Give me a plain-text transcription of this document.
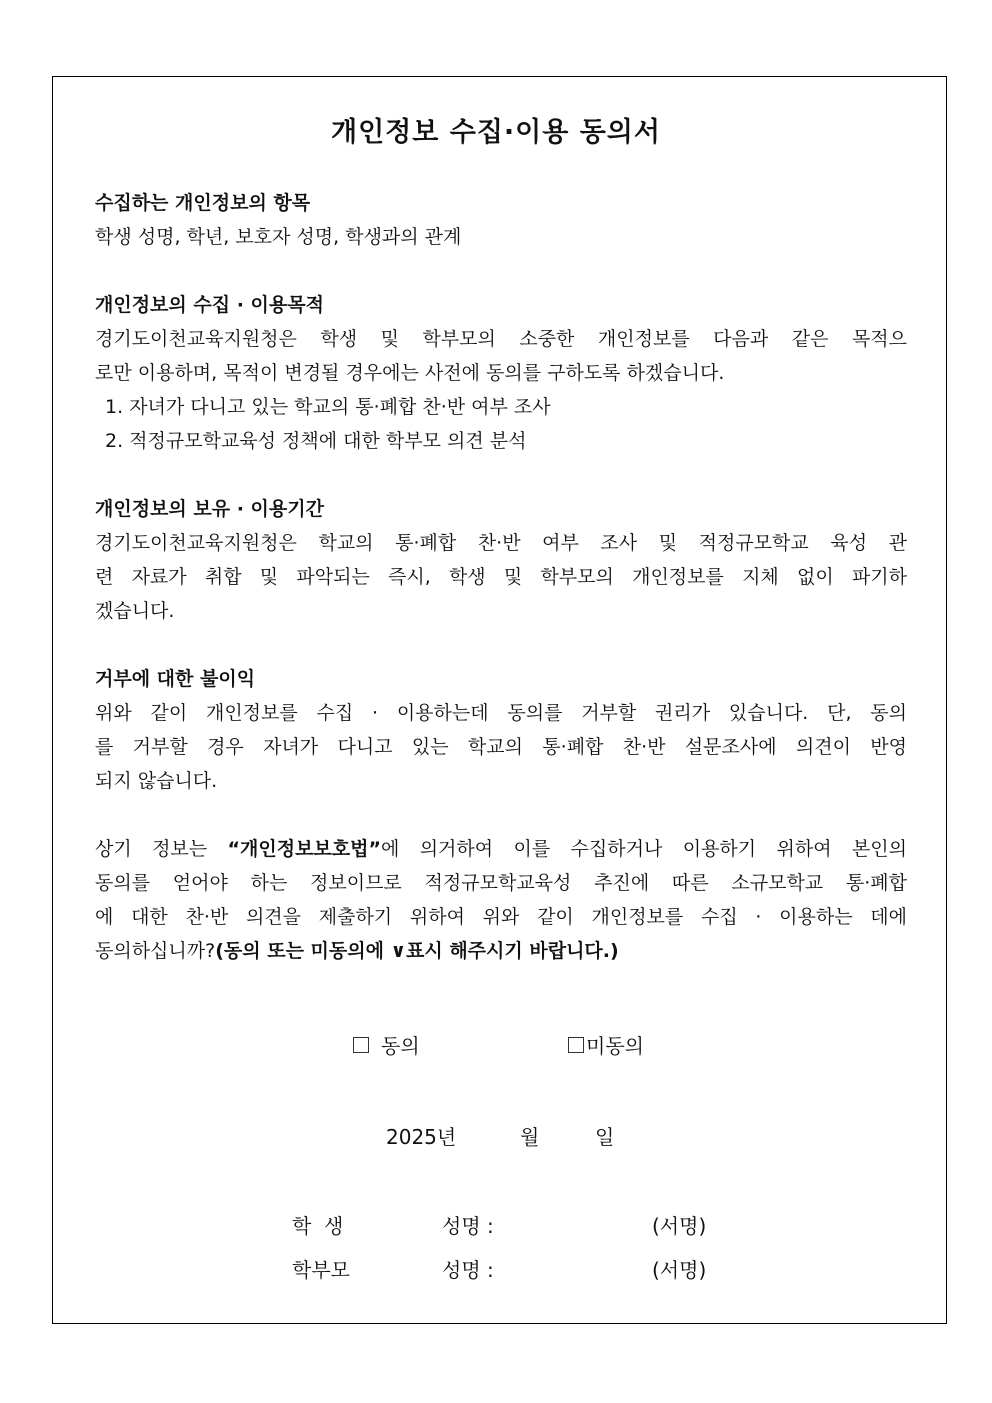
개인정보 수집·이용 동의서

수집하는 개인정보의 항목

학생 성명, 학년, 보호자 성명, 학생과의 관계

개인정보의 수집 · 이용목적

경기도이천교육지원청은 학생 및 학부모의 소중한 개인정보를 다음과 같은 목적으

로만 이용하며, 목적이 변경될 경우에는 사전에 동의를 구하도록 하겠습니다.

1. 자녀가 다니고 있는 학교의 통·폐합 찬·반 여부 조사

2. 적정규모학교육성 정책에 대한 학부모 의견 분석

개인정보의 보유 · 이용기간

경기도이천교육지원청은 학교의 통·폐합 찬·반 여부 조사 및 적정규모학교 육성 관

련 자료가 취합 및 파악되는 즉시, 학생 및 학부모의 개인정보를 지체 없이 파기하

겠습니다.

거부에 대한 불이익

위와 같이 개인정보를 수집 · 이용하는데 동의를 거부할 권리가 있습니다. 단, 동의

를 거부할 경우 자녀가 다니고 있는 학교의 통·폐합 찬·반 설문조사에 의견이 반영

되지 않습니다.

상기 정보는 “개인정보보호법”에 의거하여 이를 수집하거나 이용하기 위하여 본인의

동의를 얻어야 하는 정보이므로 적정규모학교육성 추진에 따른 소규모학교 통·폐합

에 대한 찬·반 의견을 제출하기 위하여 위와 같이 개인정보를 수집 · 이용하는 데에

동의하십니까?(동의 또는 미동의에 ∨표시 해주시기 바랍니다.)

동의	미동의
2025년	월	일
학  생	성명 :	(서명)
학부모	성명 :	(서명)
